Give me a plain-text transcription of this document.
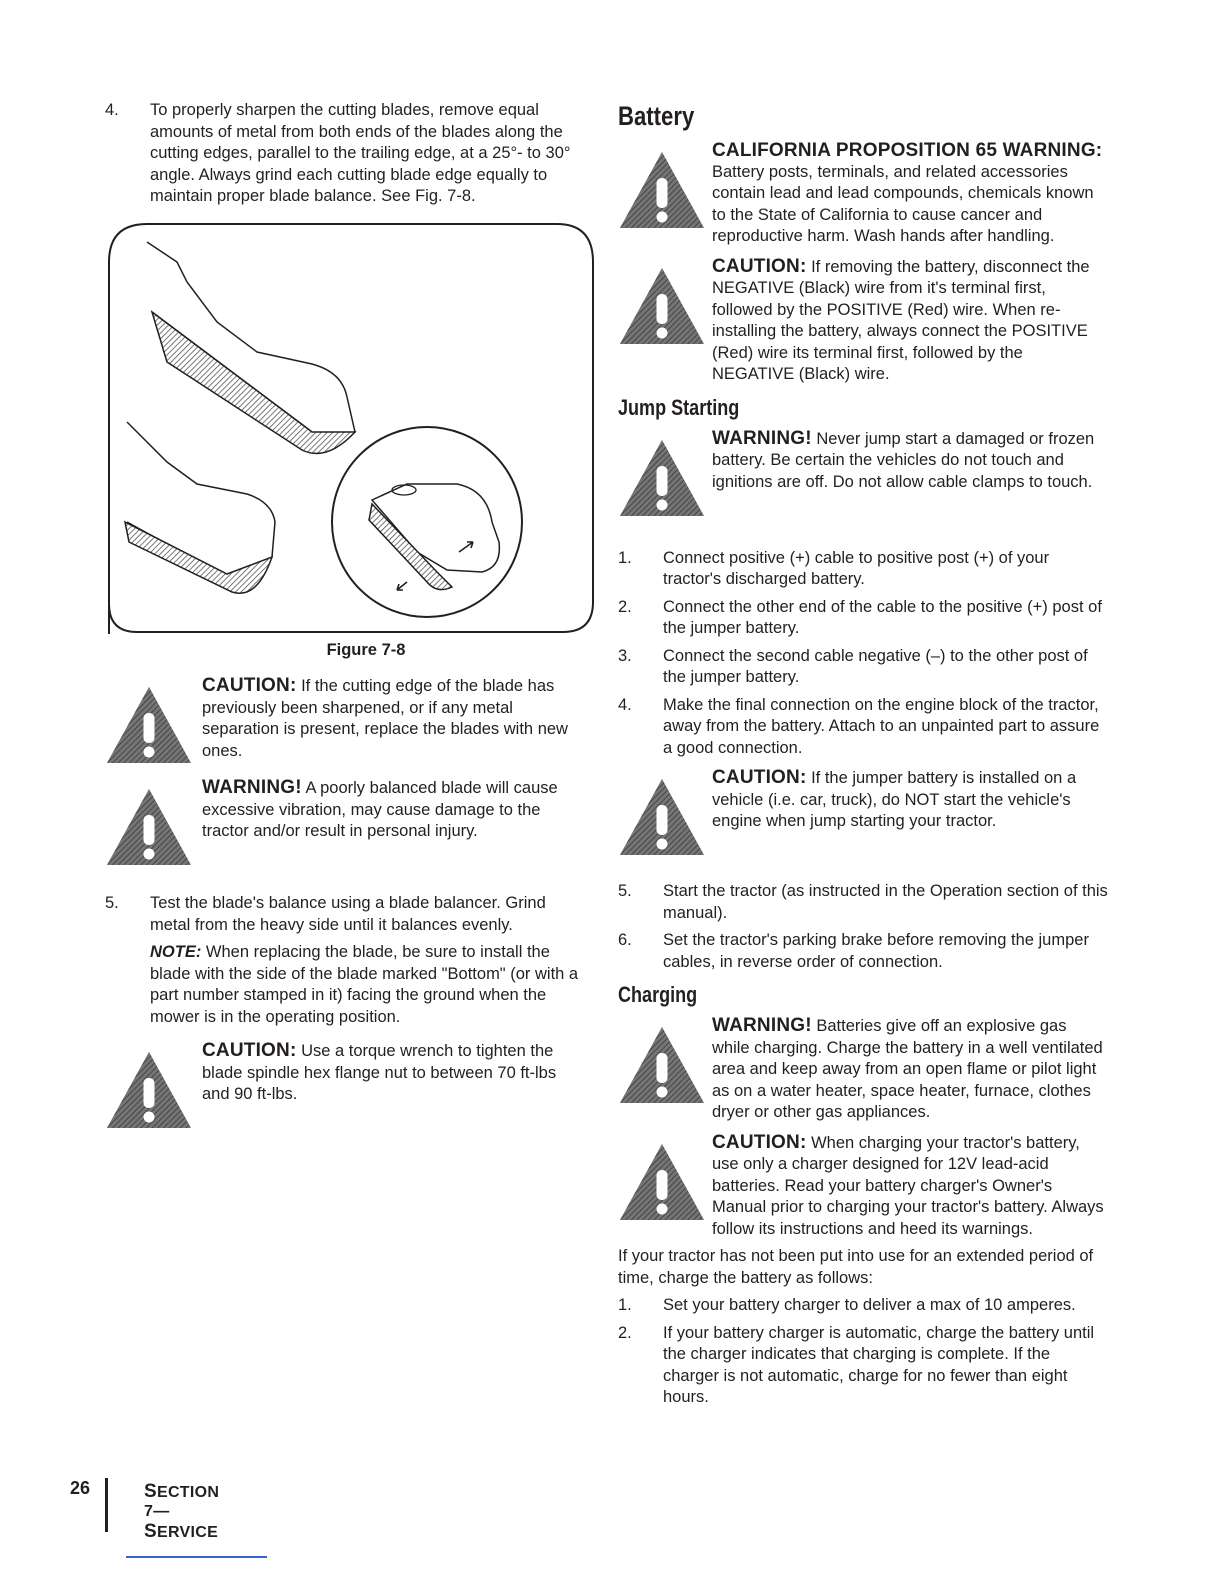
4.	To properly sharpen the cutting blades, remove equal amounts of metal from both ends of the blades along the cutting edges, parallel to the trailing edge, at a 25°- to 30° angle. Always grind each cutting blade edge equally to maintain proper blade balance. See Fig. 7-8.
Figure 7-8
CAUTION: If the cutting edge of the blade has previously been sharpened, or if any metal separation is present, replace the blades with new ones.
WARNING! A poorly balanced blade will cause excessive vibration, may cause damage to the tractor and/or result in personal injury.
5.	Test the blade's balance using a blade balancer. Grind metal from the heavy side until it balances evenly.
NOTE: When replacing the blade, be sure to install the blade with the side of the blade marked "Bottom" (or with a part number stamped in it) facing the ground when the mower is in the operating position.
CAUTION: Use a torque wrench to tighten the blade spindle hex flange nut to between 70 ft-lbs and 90 ft-lbs.
Battery
CALIFORNIA PROPOSITION 65 WARNING:
Battery posts, terminals, and related accessories contain lead and lead compounds, chemicals known to the State of California to cause cancer and reproductive harm. Wash hands after handling.
CAUTION: If removing the battery, disconnect the NEGATIVE (Black) wire from it's terminal first, followed by the POSITIVE (Red) wire. When re-installing the battery, always connect the POSITIVE (Red) wire its terminal first, followed by the NEGATIVE (Black) wire.
Jump Starting
WARNING! Never jump start a damaged or frozen battery. Be certain the vehicles do not touch and ignitions are off. Do not allow cable clamps to touch.
1.	Connect positive (+) cable to positive post (+) of your tractor's discharged battery.
2.	Connect the other end of the cable to the positive (+) post of the jumper battery.
3.	Connect the second cable negative (–) to the other post of the jumper battery.
4.	Make the final connection on the engine block of the tractor, away from the battery. Attach to an unpainted part to assure a good connection.
CAUTION: If the jumper battery is installed on a vehicle (i.e. car, truck), do NOT start the vehicle's engine when jump starting your tractor.
5.	Start the tractor (as instructed in the Operation section of this manual).
6.	Set the tractor's parking brake before removing the jumper cables, in reverse order of connection.
Charging
WARNING! Batteries give off an explosive gas while charging. Charge the battery in a well ventilated area and keep away from an open flame or pilot light as on a water heater, space heater, furnace, clothes dryer or other gas appliances.
CAUTION: When charging your tractor's battery, use only a charger designed for 12V lead-acid batteries. Read your battery charger's Owner's Manual prior to charging your tractor's battery. Always follow its instructions and heed its warnings.
If your tractor has not been put into use for an extended period of time, charge the battery as follows:
1.	Set your battery charger to deliver a max of 10 amperes.
2.	If your battery charger is automatic, charge the battery until the charger indicates that charging is complete. If the charger is not automatic, charge for no fewer than eight hours.
26	SECTION 7— SERVICE
